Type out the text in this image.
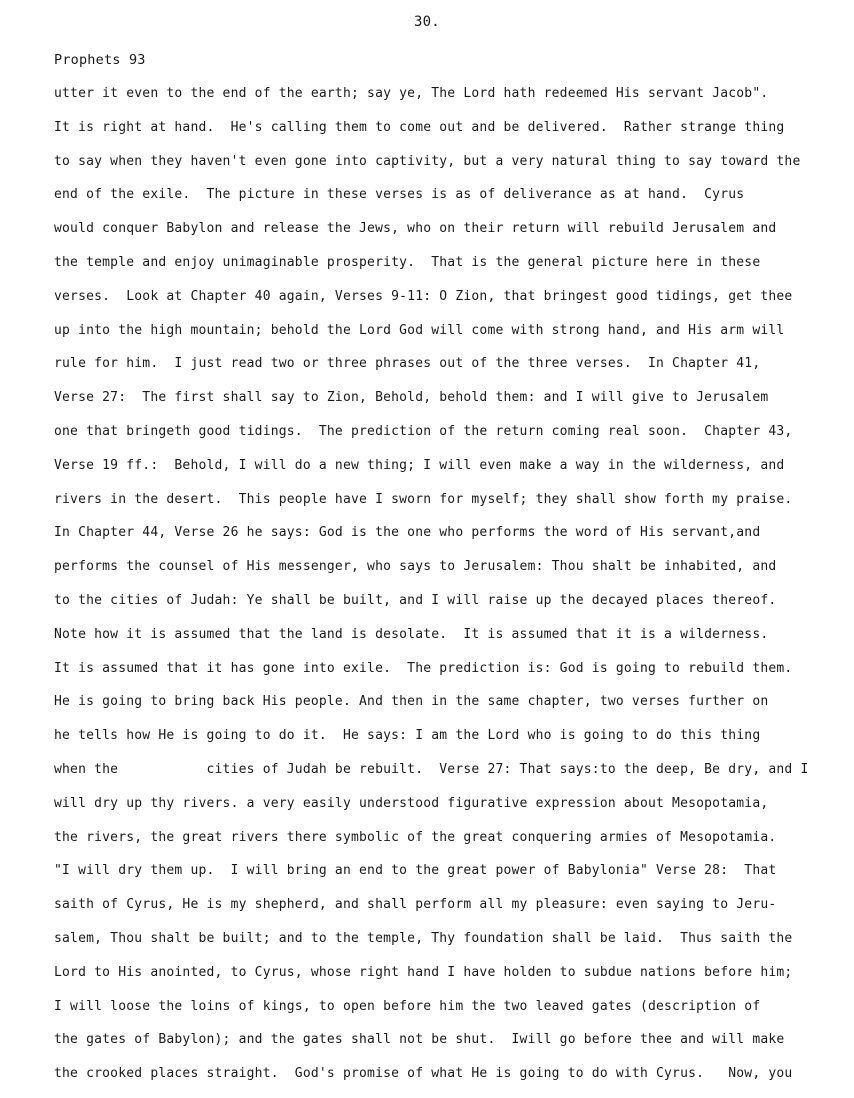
30.
Prophets 93
utter it even to the end of the earth; say ye, The Lord hath redeemed His servant Jacob".
It is right at hand.  He's calling them to come out and be delivered.  Rather strange thing
to say when they haven't even gone into captivity, but a very natural thing to say toward the
end of the exile.  The picture in these verses is as of deliverance as at hand.  Cyrus
would conquer Babylon and release the Jews, who on their return will rebuild Jerusalem and
the temple and enjoy unimaginable prosperity.  That is the general picture here in these
verses.  Look at Chapter 40 again, Verses 9-11: O Zion, that bringest good tidings, get thee
up into the high mountain; behold the Lord God will come with strong hand, and His arm will
rule for him.  I just read two or three phrases out of the three verses.  In Chapter 41,
Verse 27:  The first shall say to Zion, Behold, behold them: and I will give to Jerusalem
one that bringeth good tidings.  The prediction of the return coming real soon.  Chapter 43,
Verse 19 ff.:  Behold, I will do a new thing; I will even make a way in the wilderness, and
rivers in the desert.  This people have I sworn for myself; they shall show forth my praise.
In Chapter 44, Verse 26 he says: God is the one who performs the word of His servant,and
performs the counsel of His messenger, who says to Jerusalem: Thou shalt be inhabited, and
to the cities of Judah: Ye shall be built, and I will raise up the decayed places thereof.
Note how it is assumed that the land is desolate.  It is assumed that it is a wilderness.
It is assumed that it has gone into exile.  The prediction is: God is going to rebuild them.
He is going to bring back His people. And then in the same chapter, two verses further on
he tells how He is going to do it.  He says: I am the Lord who is going to do this thing
when the           cities of Judah be rebuilt.  Verse 27: That says:to the deep, Be dry, and I
will dry up thy rivers. a very easily understood figurative expression about Mesopotamia,
the rivers, the great rivers there symbolic of the great conquering armies of Mesopotamia.
"I will dry them up.  I will bring an end to the great power of Babylonia" Verse 28:  That
saith of Cyrus, He is my shepherd, and shall perform all my pleasure: even saying to Jeru-
salem, Thou shalt be built; and to the temple, Thy foundation shall be laid.  Thus saith the
Lord to His anointed, to Cyrus, whose right hand I have holden to subdue nations before him;
I will loose the loins of kings, to open before him the two leaved gates (description of
the gates of Babylon); and the gates shall not be shut.  Iwill go before thee and will make
the crooked places straight.  God's promise of what He is going to do with Cyrus.   Now, you
